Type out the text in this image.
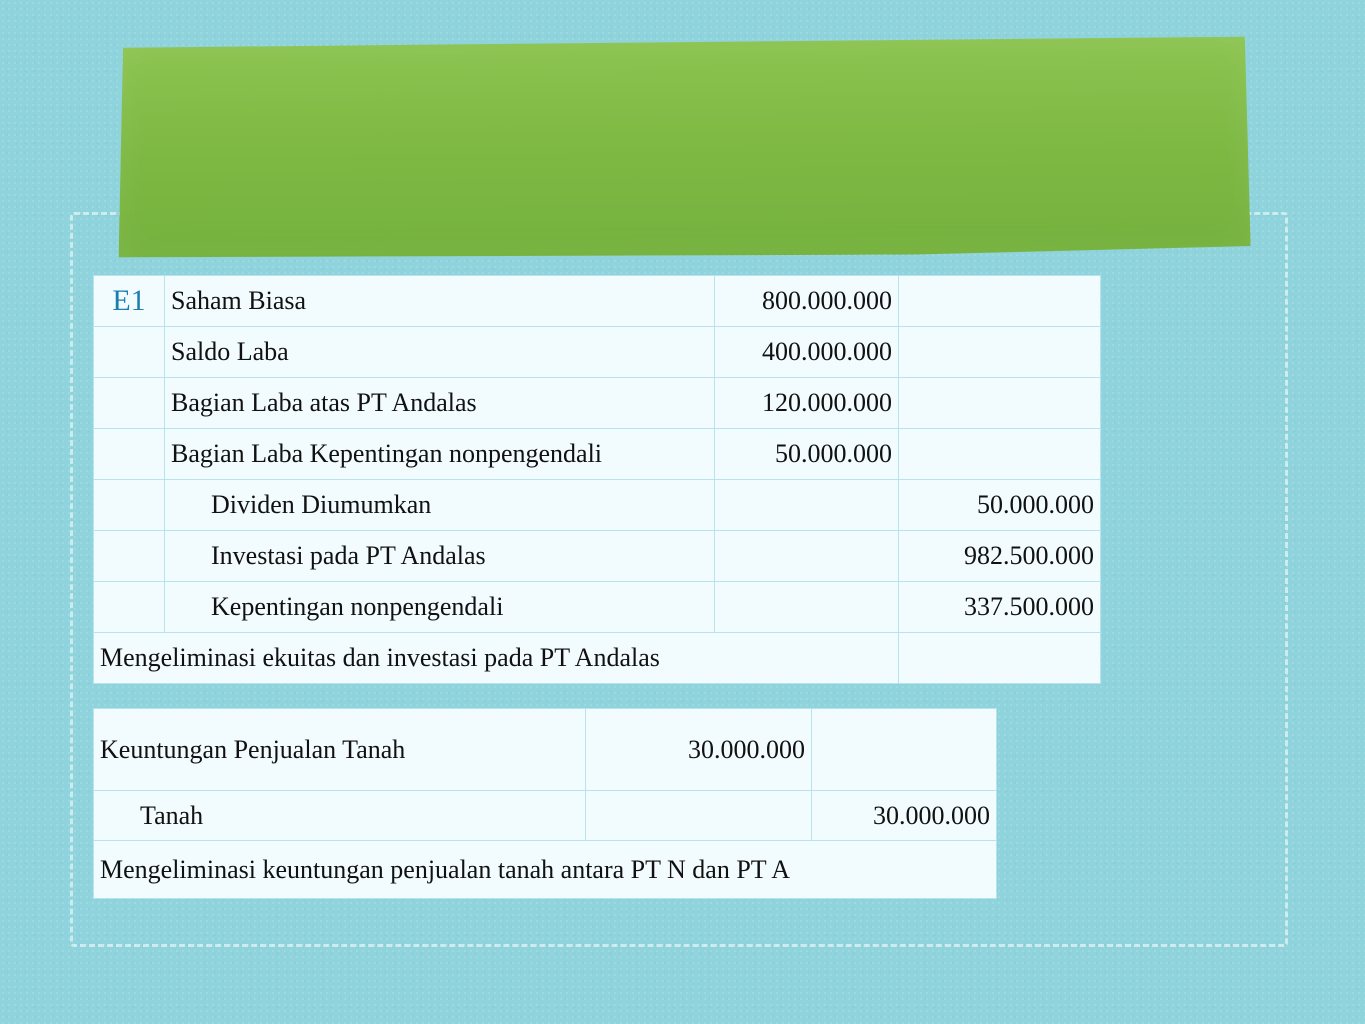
E1	Saham Biasa	800.000.000	
	Saldo Laba	400.000.000	
	Bagian Laba atas PT Andalas	120.000.000	
	Bagian Laba Kepentingan nonpengendali	50.000.000	
	Dividen Diumumkan		50.000.000
	Investasi pada PT Andalas		982.500.000
	Kepentingan nonpengendali		337.500.000
Mengeliminasi ekuitas dan investasi pada PT Andalas			
Keuntungan Penjualan Tanah	30.000.000	
Tanah		30.000.000
Mengeliminasi keuntungan penjualan tanah antara PT N dan PT A		
